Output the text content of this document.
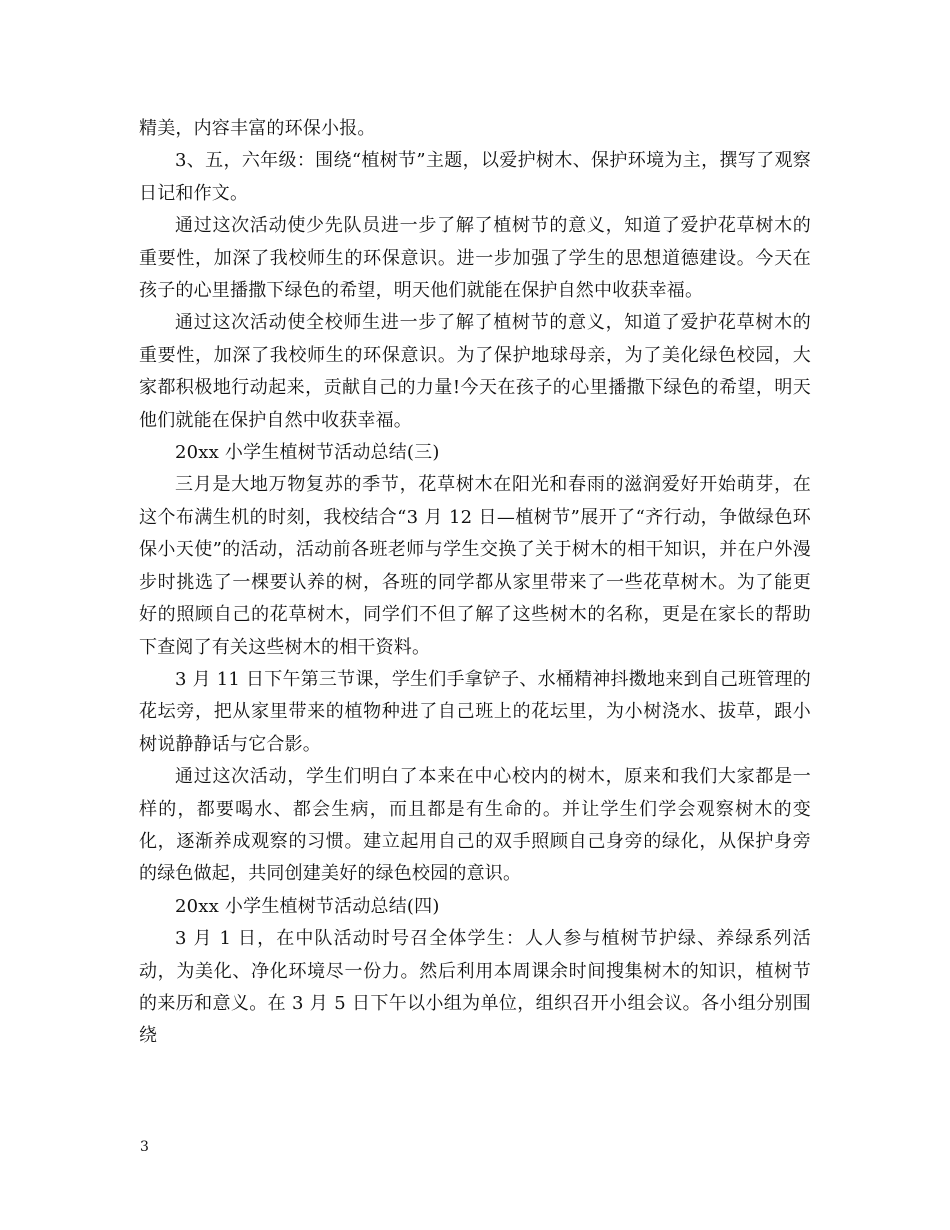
精美，内容丰富的环保小报。

3、五，六年级：围绕“植树节”主题，以爱护树木、保护环境为主，撰写了观察日记和作文。

通过这次活动使少先队员进一步了解了植树节的意义，知道了爱护花草树木的重要性，加深了我校师生的环保意识。进一步加强了学生的思想道德建设。今天在孩子的心里播撒下绿色的希望，明天他们就能在保护自然中收获幸福。

通过这次活动使全校师生进一步了解了植树节的意义，知道了爱护花草树木的重要性，加深了我校师生的环保意识。为了保护地球母亲，为了美化绿色校园，大家都积极地行动起来，贡献自己的力量!今天在孩子的心里播撒下绿色的希望，明天他们就能在保护自然中收获幸福。

20xx 小学生植树节活动总结(三)

三月是大地万物复苏的季节，花草树木在阳光和春雨的滋润爱好开始萌芽，在这个布满生机的时刻，我校结合“3 月 12 日—植树节”展开了“齐行动，争做绿色环保小天使”的活动，活动前各班老师与学生交换了关于树木的相干知识，并在户外漫步时挑选了一棵要认养的树，各班的同学都从家里带来了一些花草树木。为了能更好的照顾自己的花草树木，同学们不但了解了这些树木的名称，更是在家长的帮助下查阅了有关这些树木的相干资料。

3 月 11 日下午第三节课，学生们手拿铲子、水桶精神抖擞地来到自己班管理的花坛旁，把从家里带来的植物种进了自己班上的花坛里，为小树浇水、拔草，跟小树说静静话与它合影。

通过这次活动，学生们明白了本来在中心校内的树木，原来和我们大家都是一样的，都要喝水、都会生病，而且都是有生命的。并让学生们学会观察树木的变化，逐渐养成观察的习惯。建立起用自己的双手照顾自己身旁的绿化，从保护身旁的绿色做起，共同创建美好的绿色校园的意识。

20xx 小学生植树节活动总结(四)

3 月 1 日，在中队活动时号召全体学生：人人参与植树节护绿、养绿系列活动，为美化、净化环境尽一份力。然后利用本周课余时间搜集树木的知识，植树节的来历和意义。在 3 月 5 日下午以小组为单位，组织召开小组会议。各小组分别围绕

3
